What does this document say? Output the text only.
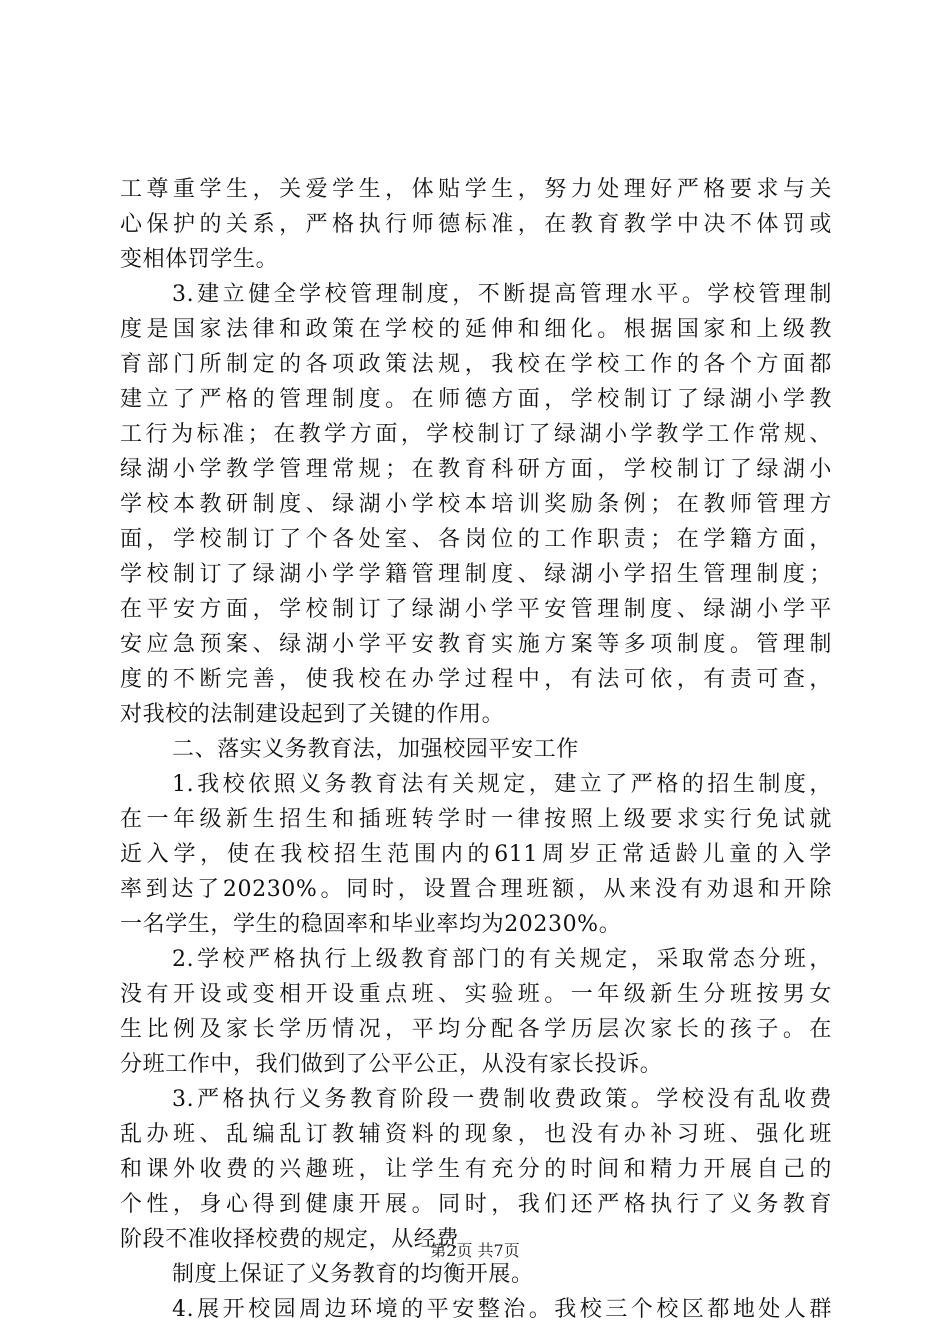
工尊重学生，关爱学生，体贴学生，努力处理好严格要求与关
心保护的关系，严格执行师德标准，在教育教学中决不体罚或
变相体罚学生。
3.建立健全学校管理制度，不断提高管理水平。学校管理制
度是国家法律和政策在学校的延伸和细化。根据国家和上级教
育部门所制定的各项政策法规，我校在学校工作的各个方面都
建立了严格的管理制度。在师德方面，学校制订了绿湖小学教
工行为标准；在教学方面，学校制订了绿湖小学教学工作常规、
绿湖小学教学管理常规；在教育科研方面，学校制订了绿湖小
学校本教研制度、绿湖小学校本培训奖励条例；在教师管理方
面，学校制订了个各处室、各岗位的工作职责；在学籍方面，
学校制订了绿湖小学学籍管理制度、绿湖小学招生管理制度；
在平安方面，学校制订了绿湖小学平安管理制度、绿湖小学平
安应急预案、绿湖小学平安教育实施方案等多项制度。管理制
度的不断完善，使我校在办学过程中，有法可依，有责可查，
对我校的法制建设起到了关键的作用。
二、落实义务教育法，加强校园平安工作
1.我校依照义务教育法有关规定，建立了严格的招生制度，
在一年级新生招生和插班转学时一律按照上级要求实行免试就
近入学，使在我校招生范围内的611周岁正常适龄儿童的入学
率到达了20230%。同时，设置合理班额，从来没有劝退和开除
一名学生，学生的稳固率和毕业率均为20230%。
2.学校严格执行上级教育部门的有关规定，采取常态分班，
没有开设或变相开设重点班、实验班。一年级新生分班按男女
生比例及家长学历情况，平均分配各学历层次家长的孩子。在
分班工作中，我们做到了公平公正，从没有家长投诉。
3.严格执行义务教育阶段一费制收费政策。学校没有乱收费
乱办班、乱编乱订教辅资料的现象，也没有办补习班、强化班
和课外收费的兴趣班，让学生有充分的时间和精力开展自己的
个性，身心得到健康开展。同时，我们还严格执行了义务教育
阶段不准收择校费的规定，从经费
制度上保证了义务教育的均衡开展。
4.展开校园周边环境的平安整治。我校三个校区都地处人群
第2页 共7页
